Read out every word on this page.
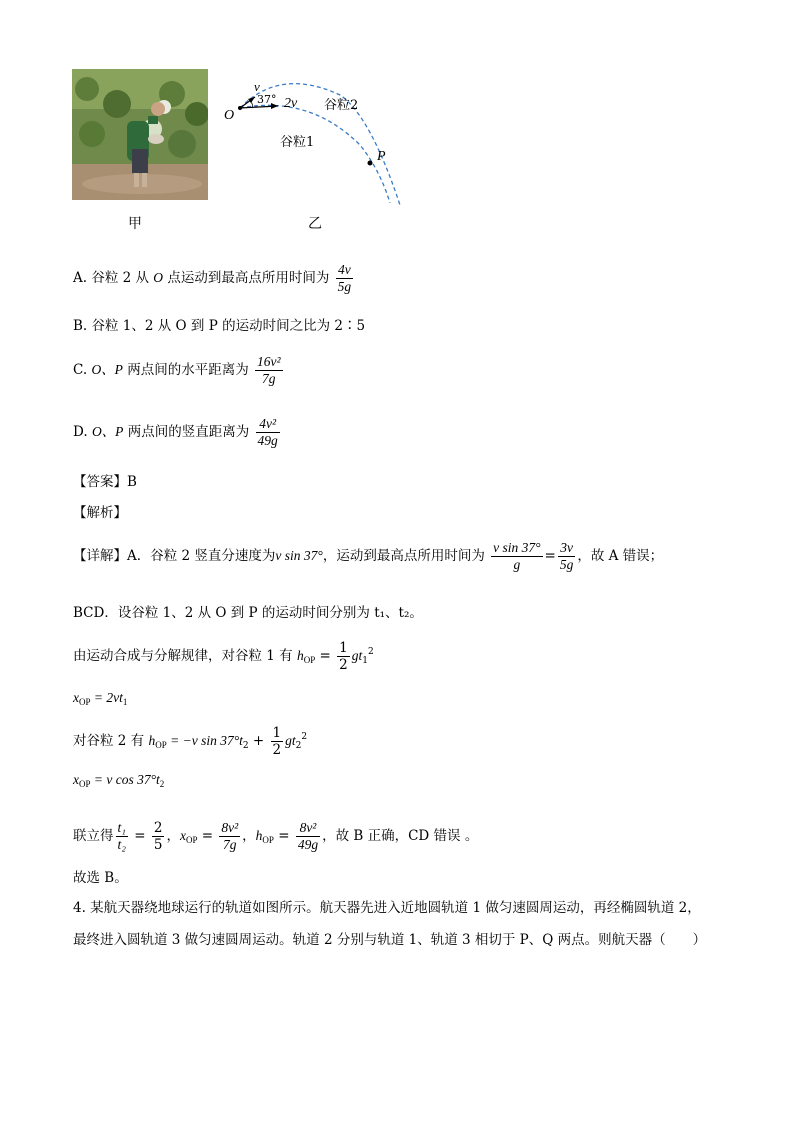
甲
O
v
37° 2v 谷粒2
谷粒1
P
乙
A. 谷粒 2 从 O 点运动到最高点所用时间为 $\frac{4v}{5g}$
B. 谷粒 1、2 从 O 到 P 的运动时间之比为 2∶5
C. O、P 两点间的水平距离为 $\frac{\text{16v²}}{7g}$
D. O、P 两点间的竖直距离为 $\frac{\text{4v²}}{49g}$
【答案】B
【解析】
【详解】A．谷粒 2 竖直分速度为v sin 37°，运动到最高点所用时间为 $\frac{\text{v sin 37°}}{g} = \frac{3v}{5g}$ ，故 A 错误；
BCD．设谷粒 1、2 从 O 到 P 的运动时间分别为 t₁、t₂。
由运动合成与分解规律，对谷粒 1 有 $h_{OP} = \frac{1}{2} gt_1^2$
$x_{OP} = 2vt_1$
对谷粒 2 有 $h_{OP} = -v$ $\sin 37^\circ t_2 + \frac{1}{2} gt_2^2$
$x_{OP} = v$ $\cos 37^\circ t_2$
联立得 $\frac{\text{t₁}}{\text{t₂}} = \frac{2}{5}$ ，$x_{OP} = \frac{\text{8v²}}{7g}$ ，$h_{OP} = \frac{\text{8v²}}{49g}$ ，故 B 正确，CD 错误 。
故选 B。
4. 某航天器绕地球运行的轨道如图所示。航天器先进入近地圆轨道 1 做匀速圆周运动，再经椭圆轨道 2，
最终进入圆轨道 3 做匀速圆周运动。轨道 2 分别与轨道 1、轨道 3 相切于 P、Q 两点。则航天器（　　）
